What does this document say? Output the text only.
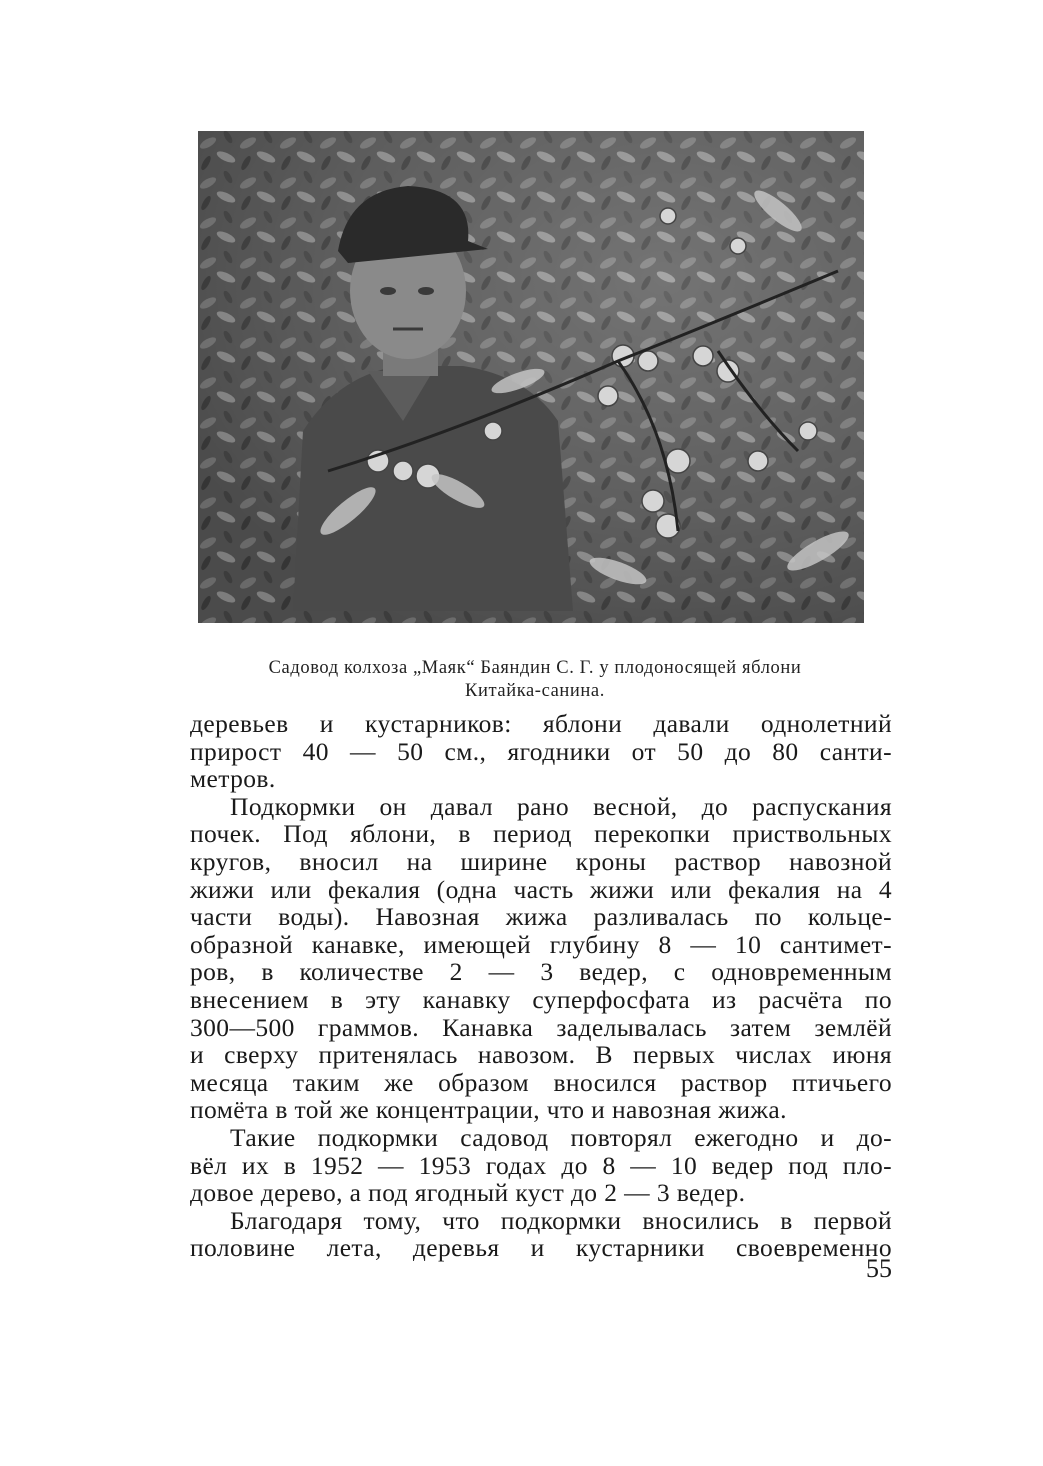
Садовод колхоза „Маяк“ Баяндин С. Г. у плодоносящей яблони
Китайка-санина.
деревьев и кустарников: яблони давали однолетний
прирост 40 — 50 см., ягодники от 50 до 80 санти-
метров.
Подкормки он давал рано весной, до распускания
почек. Под яблони, в период перекопки приствольных
кругов, вносил на ширине кроны раствор навозной
жижи или фекалия (одна часть жижи или фекалия на 4
части воды). Навозная жижа разливалась по кольце-
образной канавке, имеющей глубину 8 — 10 сантимет-
ров, в количестве 2 — 3 ведер, с одновременным
внесением в эту канавку суперфосфата из расчёта по
300—500 граммов. Канавка заделывалась затем землёй
и сверху притенялась навозом. В первых числах июня
месяца таким же образом вносился раствор птичьего
помёта в той же концентрации, что и навозная жижа.
Такие подкормки садовод повторял ежегодно и до-
вёл их в 1952 — 1953 годах до 8 — 10 ведер под пло-
довое дерево, а под ягодный куст до 2 — 3 ведер.
Благодаря тому, что подкормки вносились в первой
половине лета, деревья и кустарники своевременно
55
